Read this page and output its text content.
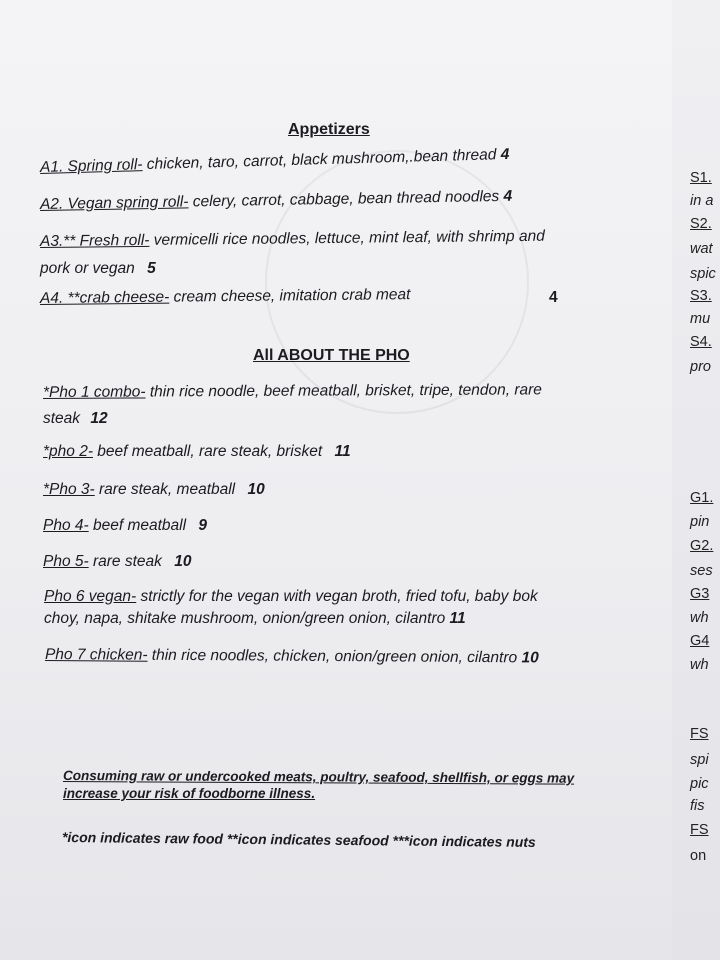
Appetizers
A1. Spring roll- chicken, taro, carrot, black mushroom,.bean thread 4
A2. Vegan spring roll- celery, carrot, cabbage, bean thread noodles 4
A3.** Fresh roll- vermicelli rice noodles, lettuce, mint leaf, with shrimp and
pork or vegan 5
A4. **crab cheese- cream cheese, imitation crab meat	4
All ABOUT THE PHO
*Pho 1 combo- thin rice noodle, beef meatball, brisket, tripe, tendon, rare
steak 12
*pho 2- beef meatball, rare steak, brisket 11
*Pho 3- rare steak, meatball 10
Pho 4- beef meatball 9
Pho 5- rare steak 10
Pho 6 vegan- strictly for the vegan with vegan broth, fried tofu, baby bok
choy, napa, shitake mushroom, onion/green onion, cilantro 11
Pho 7 chicken- thin rice noodles, chicken, onion/green onion, cilantro 10
Consuming raw or undercooked meats, poultry, seafood, shellfish, or eggs may
increase your risk of foodborne illness.
*icon indicates raw food **icon indicates seafood ***icon indicates nuts
S1.
in a
S2.
wat
spic
S3.
mu
S4.
pro
G1.
pin
G2.
ses
G3
wh
G4
wh
FS
spi
pic
fis
FS
on
